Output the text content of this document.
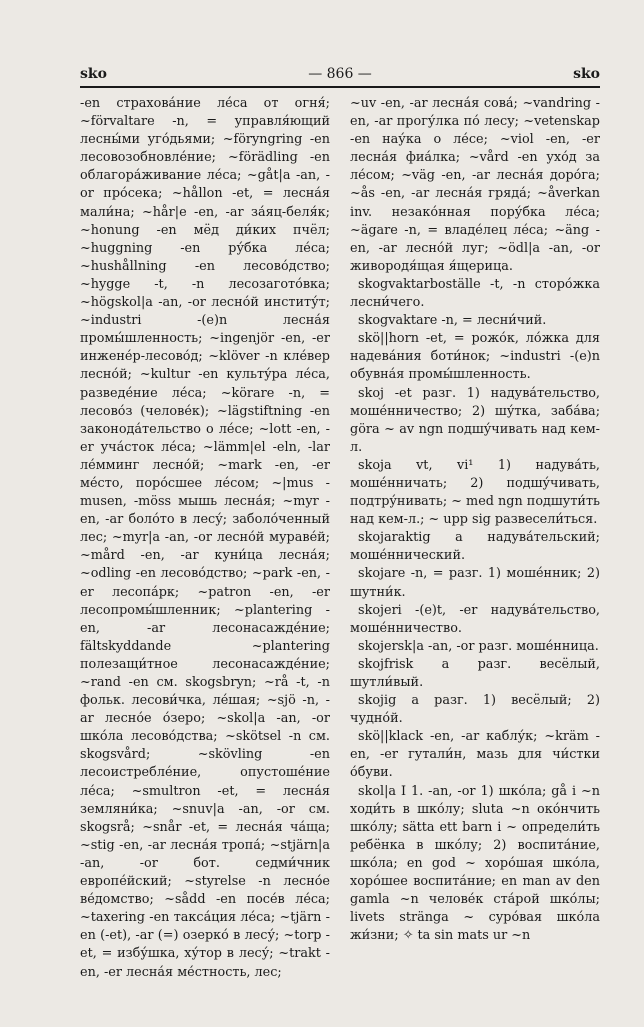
sko	— 866 —	sko

-en страхова́ние ле́са от огня́; ~förvaltare -n, = управля́ющий лесны́ми уго́дьями; ~föryngring -en лесовозобновле́ние; ~förädling -en облагора́живание ле́са; ~gåt|a -an, -or про́сека; ~hållon -et, = лесна́я мали́на; ~hår|e -en, -ar за́яц-беля́к; ~honung -en мёд ди́ких пчёл; ~huggning -en ру́бка ле́са; ~hushållning -en лесово́дство; ~hygge -t, -n лесозагото́вка; ~högskol|a -an, -or лесно́й институ́т; ~industri -(e)n лесна́я промы́шленность; ~ingenjör -en, -er инжене́р-лесово́д; ~klöver -n кле́вер лесно́й; ~kultur -en культу́ра ле́са, разведе́ние ле́са; ~körare -n, = лесово́з (челове́к); ~lägstiftning -en законода́тельство о ле́се; ~lott -en, -er уча́сток ле́са; ~lämm|el -eln, -lar ле́мминг лесно́й; ~mark -en, -er ме́сто, поро́сшее ле́сом; ~|mus -musen, -möss мышь лесна́я; ~myr -en, -ar боло́то в лесу́; заболо́ченный лес; ~myr|a -an, -or лесно́й мураве́й; ~mård -en, -ar куни́ца лесна́я; ~odling -en лесово́дство; ~park -en, -er лесопа́рк; ~patron -en, -er лесопромы́шленник; ~plantering -en, -ar лесонасажде́ние; fältskyddande ~plantering полезащи́тное лесонасажде́ние; ~rand -en см. skogsbryn; ~rå -t, -n фольк. лесови́чка, ле́шая; ~sjö -n, -ar лесно́е о́зеро; ~skol|a -an, -or шко́ла лесово́дства; ~skötsel -n см. skogsvård; ~skövling -en лесоистребле́ние, опустоше́ние ле́са; ~smultron -et, = лесна́я земляни́ка; ~snuv|a -an, -or см. skogsrå; ~snår -et, = лесна́я ча́ща; ~stig -en, -ar лесна́я тропа́; ~stjärn|a -an, -or бот. седми́чник европе́йский; ~styrelse -n лесно́е ве́домство; ~sådd -en посе́в ле́са; ~taxering -en такса́ция ле́са; ~tjärn -en (-et), -ar (=) озерко́ в лесу́; ~torp -et, = избу́шка, ху́тор в лесу́; ~trakt -en, -er лесна́я ме́стность, лес;

~uv -en, -ar лесна́я сова́; ~vandring -en, -ar прогу́лка по́ лесу; ~vetenskap -en нау́ка о ле́се; ~viol -en, -er лесна́я фиа́лка; ~vård -en ухо́д за ле́сом; ~väg -en, -ar лесна́я доро́га; ~ås -en, -ar лесна́я гряда́; ~åverkan inv. незако́нная пору́бка ле́са; ~ägare -n, = владе́лец ле́са; ~äng -en, -ar лесно́й луг; ~ödl|a -an, -or живородя́щая я́щерица.

skogvaktarboställe -t, -n сторо́жка лесни́чего.

skogvaktare -n, = лесни́чий.

skö||horn -et, = рожо́к, ло́жка для надева́ния боти́нок; ~industri -(e)n обувна́я промы́шленность.

skoj -et разг. 1) надува́тельство, моше́нничество; 2) шу́тка, заба́ва; göra ~ av ngn подшу́чивать над кем-л.

skoja vt, vi¹ 1) надува́ть, моше́нничать; 2) подшу́чивать, подтру́нивать; ~ med ngn подшути́ть над кем-л.; ~ upp sig развесели́ться.

skojaraktig a надува́тельский; моше́ннический.

skojare -n, = разг. 1) моше́нник; 2) шутни́к.

skojeri -(e)t, -er надува́тельство, моше́нничество.

skojersk|a -an, -or разг. моше́нница.

skojfrisk a разг. весёлый, шутли́вый.

skojig a разг. 1) весёлый; 2) чудно́й.

skö||klack -en, -ar каблу́к; ~kräm -en, -er гутали́н, мазь для чи́стки о́буви.

skol|a I 1. -an, -or 1) шко́ла; gå i ~n ходи́ть в шко́лу; sluta ~n око́нчить шко́лу; sätta ett barn i ~ определи́ть ребёнка в шко́лу; 2) воспита́ние, шко́ла; en god ~ хоро́шая шко́ла, хоро́шее воспита́ние; en man av den gamla ~n челове́к ста́рой шко́лы; livets stränga ~ суро́вая шко́ла жи́зни; ✧ ta sin mats ur ~n
